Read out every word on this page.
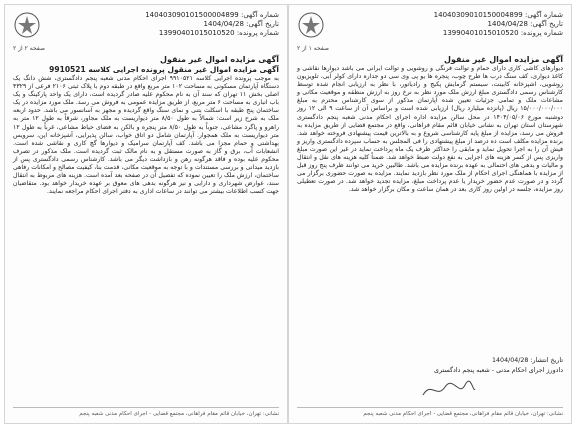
شماره آگهی: 140403090101500004899
تاریخ آگهی: 1404/04/28
شماره پرونده: 13990401015010520
صفحه ۲ از ۲
آگهی مزایده اموال غیر منقول
آگهی مزایده اموال غیر منقول پرونده اجرایی کلاسه 9910521
به موجب پرونده اجرایی کلاسه ۹۹۱۰۵۲۱ اجرای احکام مدنی شعبه پنجم دادگستری، شش دانگ یک دستگاه آپارتمان مسکونی به مساحت ۱۰۲ متر مربع واقع در طبقه دوم با پلاک ثبتی ۲۱۰۶ فرعی از ۴۳۲۹ اصلی بخش ۱۱ تهران که سند آن به نام محکوم علیه صادر گردیده است، دارای یک واحد پارکینگ و یک باب انباری به مساحت ۶ متر مربع، از طریق مزایده عمومی به فروش می رسد. ملک مورد مزایده در یک ساختمان پنج طبقه با اسکلت بتنی و نمای سنگ واقع گردیده و مجهز به آسانسور می باشد. حدود اربعه ملک به شرح زیر است: شمالاً به طول ۸/۵۰ متر دیواریست به ملک مجاور، شرقاً به طول ۱۲ متر به راهرو و پاگرد مشاعی، جنوباً به طول ۸/۵۰ متر پنجره و بالکن به فضای حیاط مشاعی، غرباً به طول ۱۲ متر دیواریست به ملک همجوار. آپارتمان شامل دو اتاق خواب، سالن پذیرایی، آشپزخانه اپن، سرویس بهداشتی و حمام مجزا می باشد. کف آپارتمان سرامیک و دیوارها گچ کاری و نقاشی شده است. انشعابات آب، برق و گاز به صورت مستقل و به نام مالک ثبت گردیده است. ملک مذکور در تصرف محکوم علیه بوده و فاقد هرگونه رهن و بازداشت دیگر می باشد. کارشناس رسمی دادگستری پس از بازدید میدانی و بررسی مستندات و با توجه به موقعیت مکانی، قدمت بنا، کیفیت مصالح و امکانات رفاهی ساختمان، ارزش ملک را تعیین نموده که تفصیل آن در صفحه بعد آمده است. هزینه های مربوط به انتقال سند، عوارض شهرداری و دارایی و نیز هرگونه بدهی های معوق بر عهده خریدار خواهد بود. متقاضیان جهت کسب اطلاعات بیشتر می توانند در ساعات اداری به دفتر اجرای احکام مراجعه نمایند.
نشانی: تهران، خیابان قائم مقام فراهانی، مجتمع قضایی - اجرای احکام مدنی شعبه پنجم
شماره آگهی: 14040309010150004899
تاریخ آگهی: 1404/04/28
شماره پرونده: 13990401015010520
صفحه ۱ از ۲
آگهی مزایده اموال غیر منقول
دیوارهای کاشی کاری دارای حمام و توالت فرنگی و روشویی و توالت ایرانی می باشد دیوارها نقاشی و کاغذ دیواری، کف سنگ درب ها طرح چوب، پنجره ها یو پی وی سی دو جداره دارای کولر آبی، تلویزیون روشویی، اشپزخانه کابینت، سیستم گرمایش پکیج و رادیاتور، با نظر به ارزیابی انجام شده توسط کارشناس رسمی دادگستری مبلغ ارزش ملک مورد نظر به نرخ روز به ارزش منطقه و موقعیت مکانی و مشاعات ملک و تمامی جزئیات تعیین شده آپارتمان مذکور از سوی کارشناس محترم به مبلغ ۱۵/۰۰۰/۰۰۰/۰۰۰ ریال (پانزده میلیارد ریال) ارزیابی شده است و براساس آن از ساعت ۹ الی ۱۲ روز دوشنبه مورخ ۱۴۰۴/۰۵/۰۶ در محل سالن مزایده اداره اجرای احکام مدنی شعبه پنجم دادگستری شهرستان استان تهران به نشانی خیابان قائم مقام فراهانی، واقع در مجتمع قضایی از طریق مزایده به فروش می رسد، مزایده از مبلغ پایه کارشناسی شروع و به بالاترین قیمت پیشنهادی فروخته خواهد شد. برنده مزایده مکلف است ده درصد از مبلغ پیشنهادی را فی المجلس به حساب سپرده دادگستری واریز و فیش آن را به اجرا تحویل نماید و مابقی را حداکثر ظرف یک ماه پرداخت نماید در غیر این صورت مبلغ واریزی پس از کسر هزینه های اجرایی به نفع دولت ضبط خواهد شد. ضمناً کلیه هزینه های نقل و انتقال و مالیات و بدهی های احتمالی به عهده برنده مزایده می باشد. طالبین خرید می توانند ظرف پنج روز قبل از مزایده با هماهنگی اجرای احکام از ملک مورد نظر بازدید نمایند. مزایده به صورت حضوری برگزار می گردد و در صورت عدم حضور خریدار یا عدم پرداخت مبلغ، مزایده تجدید خواهد شد. در صورت تعطیلی روز مزایده، جلسه در اولین روز کاری بعد در همان ساعت و مکان برگزار خواهد شد.
تاریخ انتشار: 1404/04/28
دادورز اجرای احکام مدنی - شعبه پنجم دادگستری
نشانی: تهران، خیابان قائم مقام فراهانی، مجتمع قضایی - اجرای احکام مدنی شعبه پنجم
